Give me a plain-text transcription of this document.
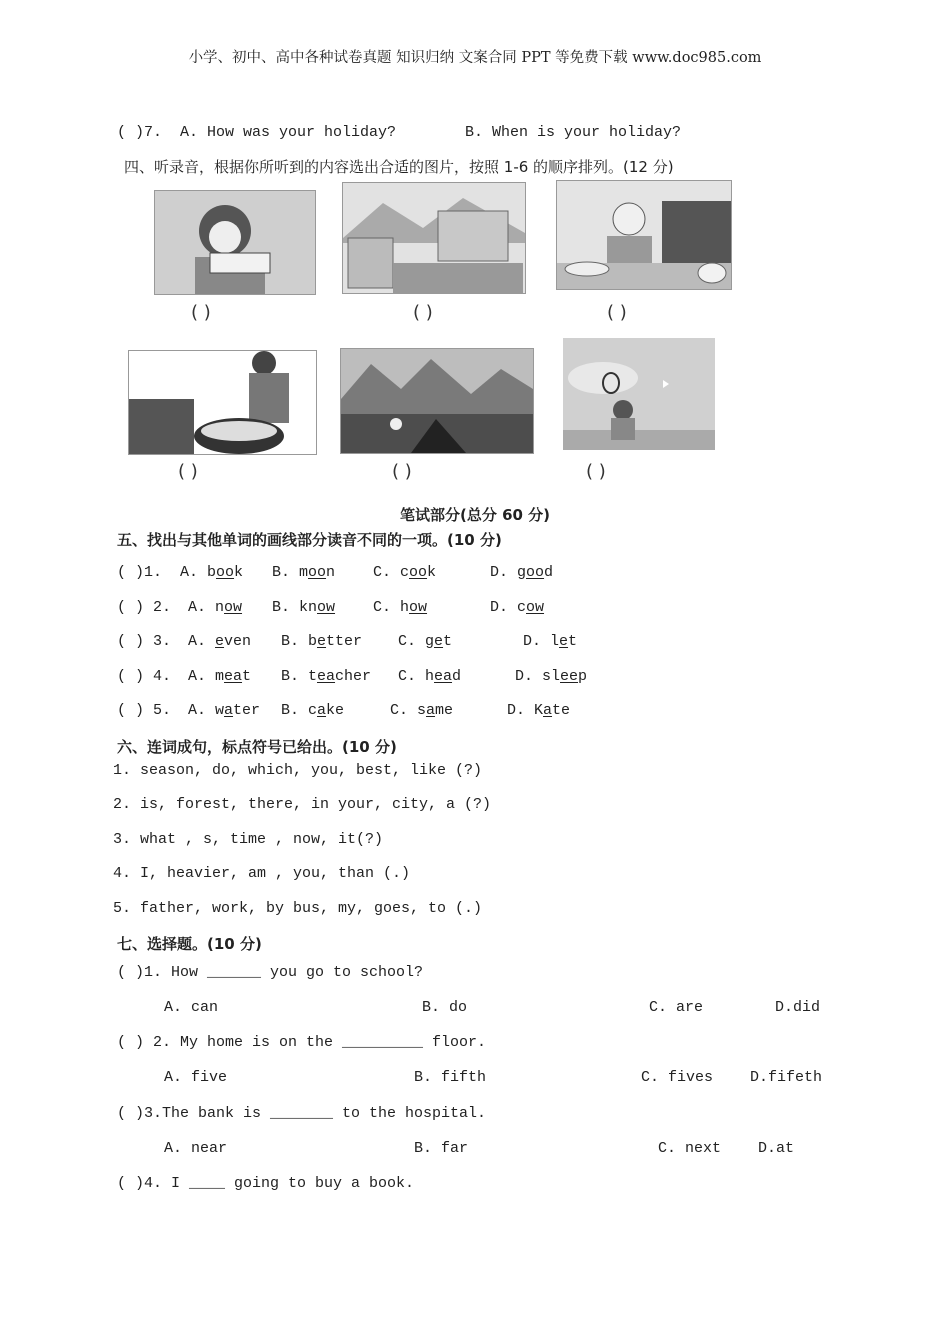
小学、初中、高中各种试卷真题 知识归纳 文案合同 PPT 等免费下载 www.doc985.com
( )7. A. How was your holiday?	B. When is your holiday?
四、听录音，根据你所听到的内容选出合适的图片，按照 1-6 的顺序排列。(12 分)
( )	( )	( )
( )	( )	( )
笔试部分(总分 60 分)
五、找出与其他单词的画线部分读音不同的一项。(10 分)
( )1. A. book B. moon	C. cook	D. good
( ) 2. A. now B. know	C. how	D. cow
( ) 3. A. even B. better C. get	D. let
( ) 4. A. meat B. teacher C. head	D. sleep
( ) 5. A. water B. cake	C. same	D. Kate
六、连词成句，标点符号已给出。(10 分)
1. season, do, which, you, best, like (?)
2. is, forest, there, in your, city, a (?)
3. what , s, time , now, it(?)
4. I, heavier, am , you, than (.)
5. father, work, by bus, my, goes, to (.)
七、选择题。(10 分)
( )1. How ______ you go to school?
A. can	B. do	C. are	D.did
( ) 2. My home is on the _________ floor.
A. five	B. fifth	C. fives D.fifeth
( )3.The bank is _______ to the hospital.
A. near	B. far	C. next D.at
( )4. I ____ going to buy a book.
